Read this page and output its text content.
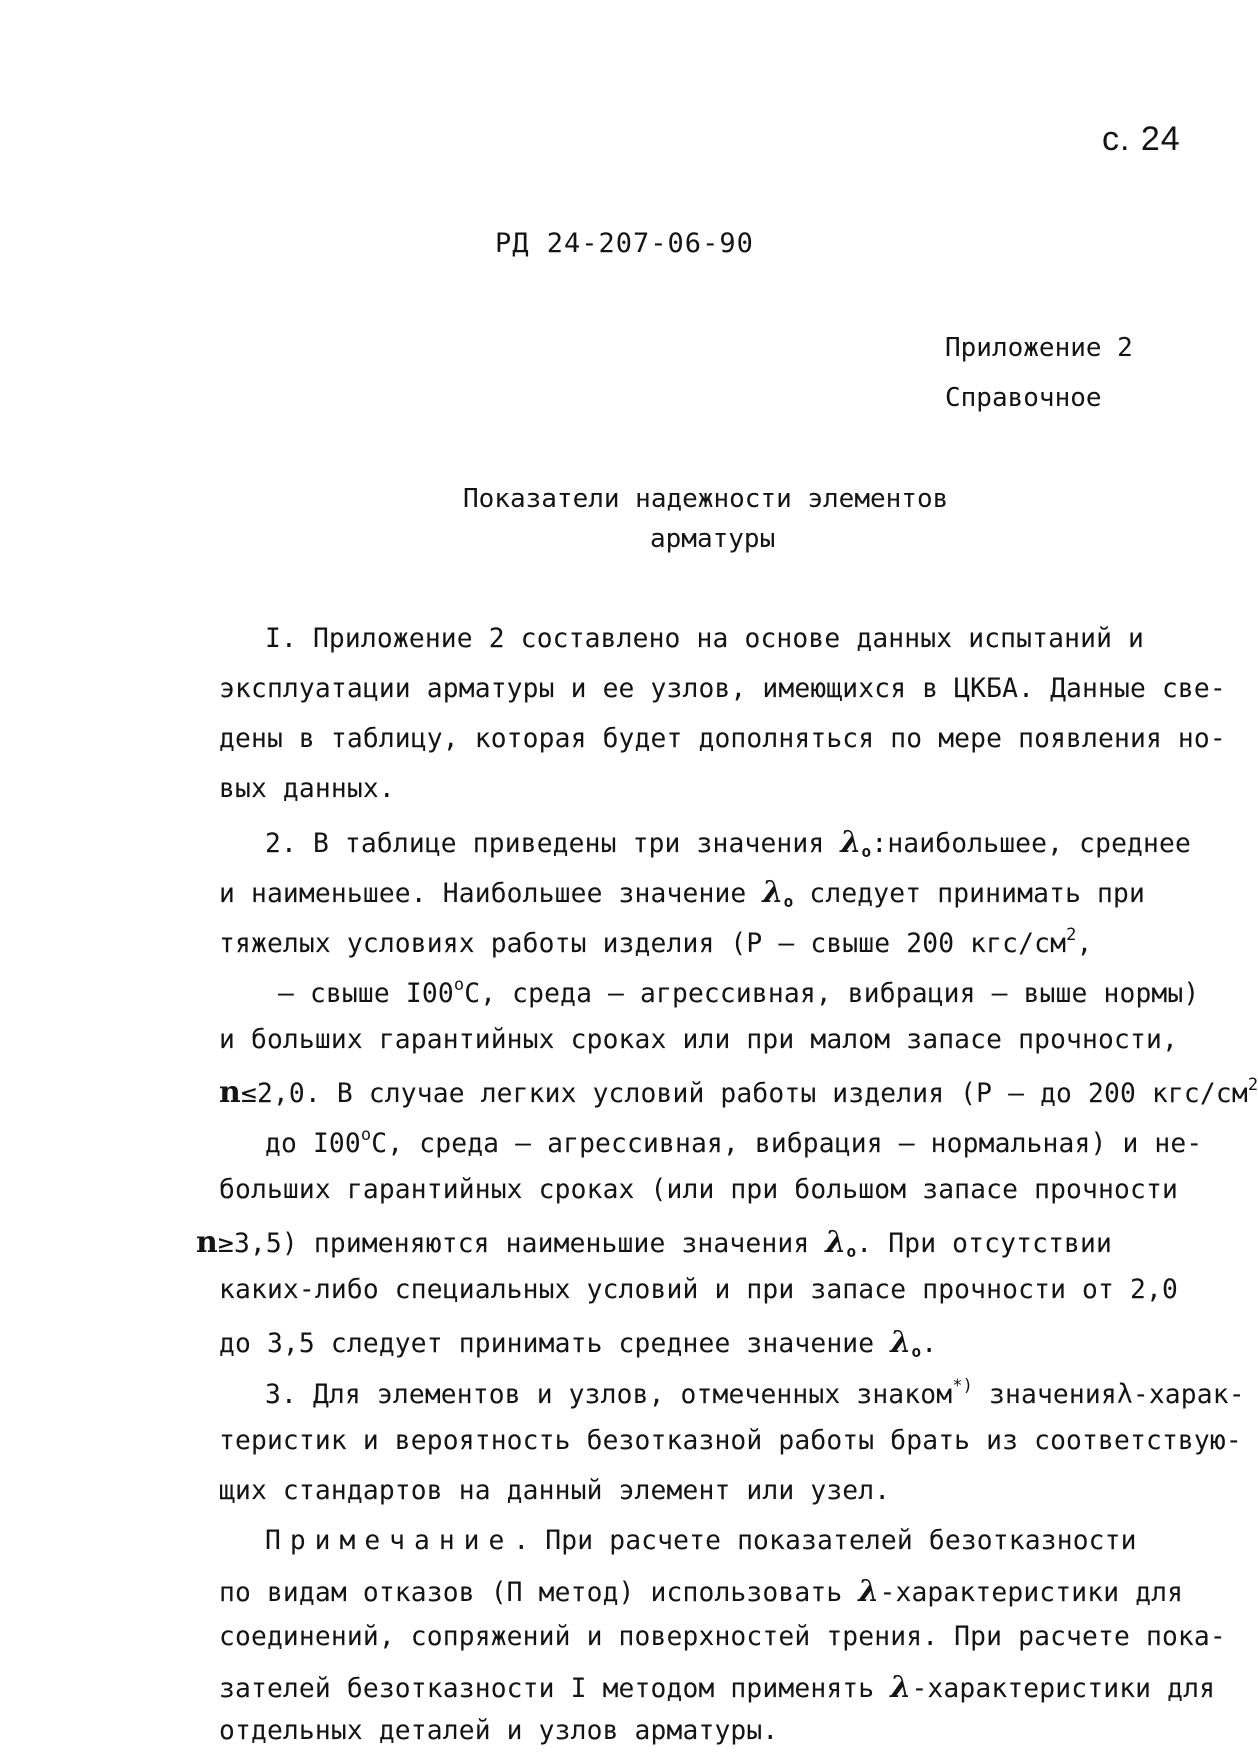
с. 24
РД 24-207-06-90
Приложение 2
Справочное
Показатели надежности элементов
арматуры
I. Приложение 2 составлено на основе данных испытаний и
эксплуатации арматуры и ее узлов, имеющихся в ЦКБА. Данные све-
дены в таблицу, которая будет дополняться по мере появления но-
вых данных.
2. В таблице приведены три значения $\lambda_o:наибольшее$, среднее
и наименьшее. Наибольшее значение $\lambda_o$ следует принимать при
тяжелых условиях работы изделия (Р – свыше 200 кгс/$см^2$,
– свыше $I00^оС$, среда – агрессивная, вибрация – выше нормы)
и больших гарантийных сроках или при малом запасе прочности,
n≤2,0. В случае легких условий работы изделия (Р – до 200 кгс/$см^2$
до $I00^оС$, среда – агрессивная, вибрация – нормальная) и не-
больших гарантийных сроках (или при большом запасе прочности
n≥3,5) применяются наименьшие значения $\lambda_o$. При отсутствии
каких-либо специальных условий и при запасе прочности от 2,0
до 3,5 следует принимать среднее значение $\lambda_o$.
3. Для элементов и узлов, отмеченных знаком*) значенияλ-харак-
теристик и вероятность безотказной работы брать из соответствую-
щих стандартов на данный элемент или узел.
Примечание. При расчете показателей безотказности
по видам отказов (П метод) использовать λ-характеристики для
соединений, сопряжений и поверхностей трения. При расчете пока-
зателей безотказности I методом применять λ-характеристики для
отдельных деталей и узлов арматуры.
